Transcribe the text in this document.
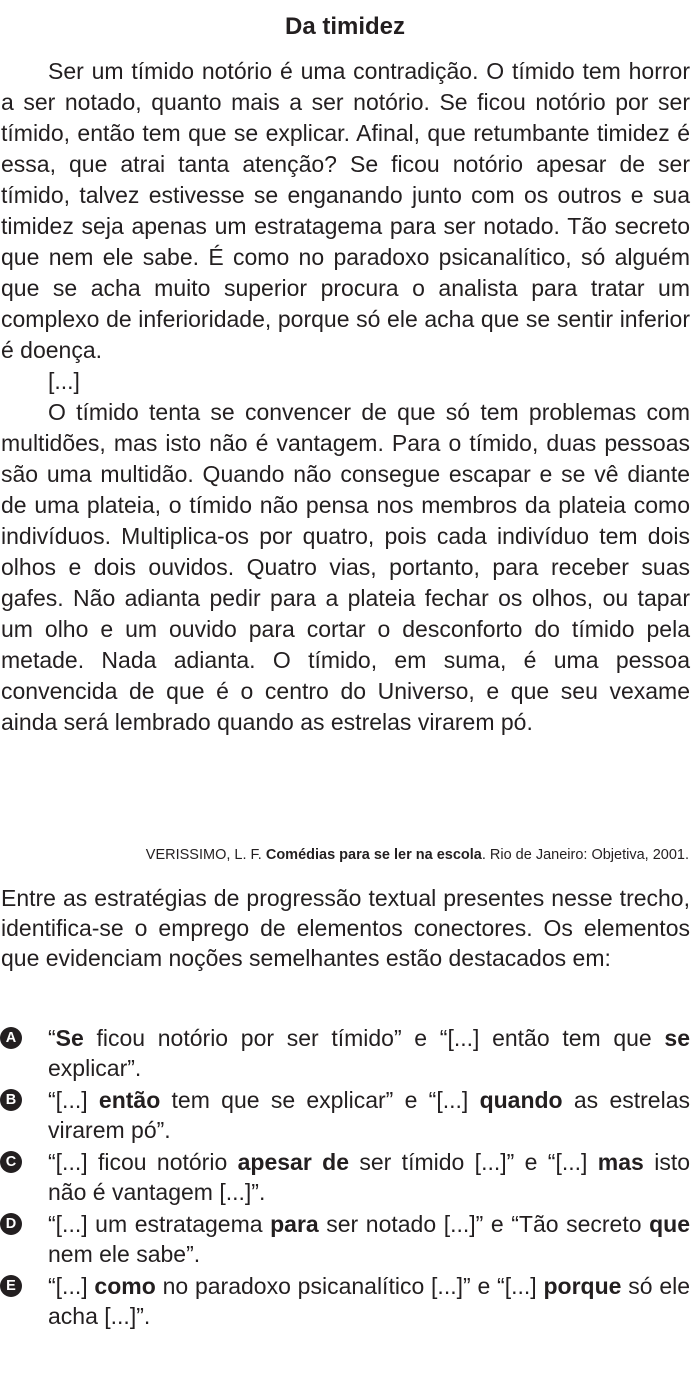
Da timidez

Ser um tímido notório é uma contradição. O tímido tem horror a ser notado, quanto mais a ser notório. Se ficou notório por ser tímido, então tem que se explicar. Afinal, que retumbante timidez é essa, que atrai tanta atenção? Se ficou notório apesar de ser tímido, talvez estivesse se enganando junto com os outros e sua timidez seja apenas um estratagema para ser notado. Tão secreto que nem ele sabe. É como no paradoxo psicanalítico, só alguém que se acha muito superior procura o analista para tratar um complexo de inferioridade, porque só ele acha que se sentir inferior é doença.

[...]

O tímido tenta se convencer de que só tem problemas com multidões, mas isto não é vantagem. Para o tímido, duas pessoas são uma multidão. Quando não consegue escapar e se vê diante de uma plateia, o tímido não pensa nos membros da plateia como indivíduos. Multiplica-os por quatro, pois cada indivíduo tem dois olhos e dois ouvidos. Quatro vias, portanto, para receber suas gafes. Não adianta pedir para a plateia fechar os olhos, ou tapar um olho e um ouvido para cortar o desconforto do tímido pela metade. Nada adianta. O tímido, em suma, é uma pessoa convencida de que é o centro do Universo, e que seu vexame ainda será lembrado quando as estrelas virarem pó.

VERISSIMO, L. F. Comédias para se ler na escola. Rio de Janeiro: Objetiva, 2001.

Entre as estratégias de progressão textual presentes nesse trecho, identifica-se o emprego de elementos conectores. Os elementos que evidenciam noções semelhantes estão destacados em:

A “Se ficou notório por ser tímido” e “[...] então tem que se explicar”.
B “[...] então tem que se explicar” e “[...] quando as estrelas virarem pó”.
C “[...] ficou notório apesar de ser tímido [...]” e “[...] mas isto não é vantagem [...]”.
D “[...] um estratagema para ser notado [...]” e “Tão secreto que nem ele sabe”.
E “[...] como no paradoxo psicanalítico [...]” e “[...] porque só ele acha [...]”.
